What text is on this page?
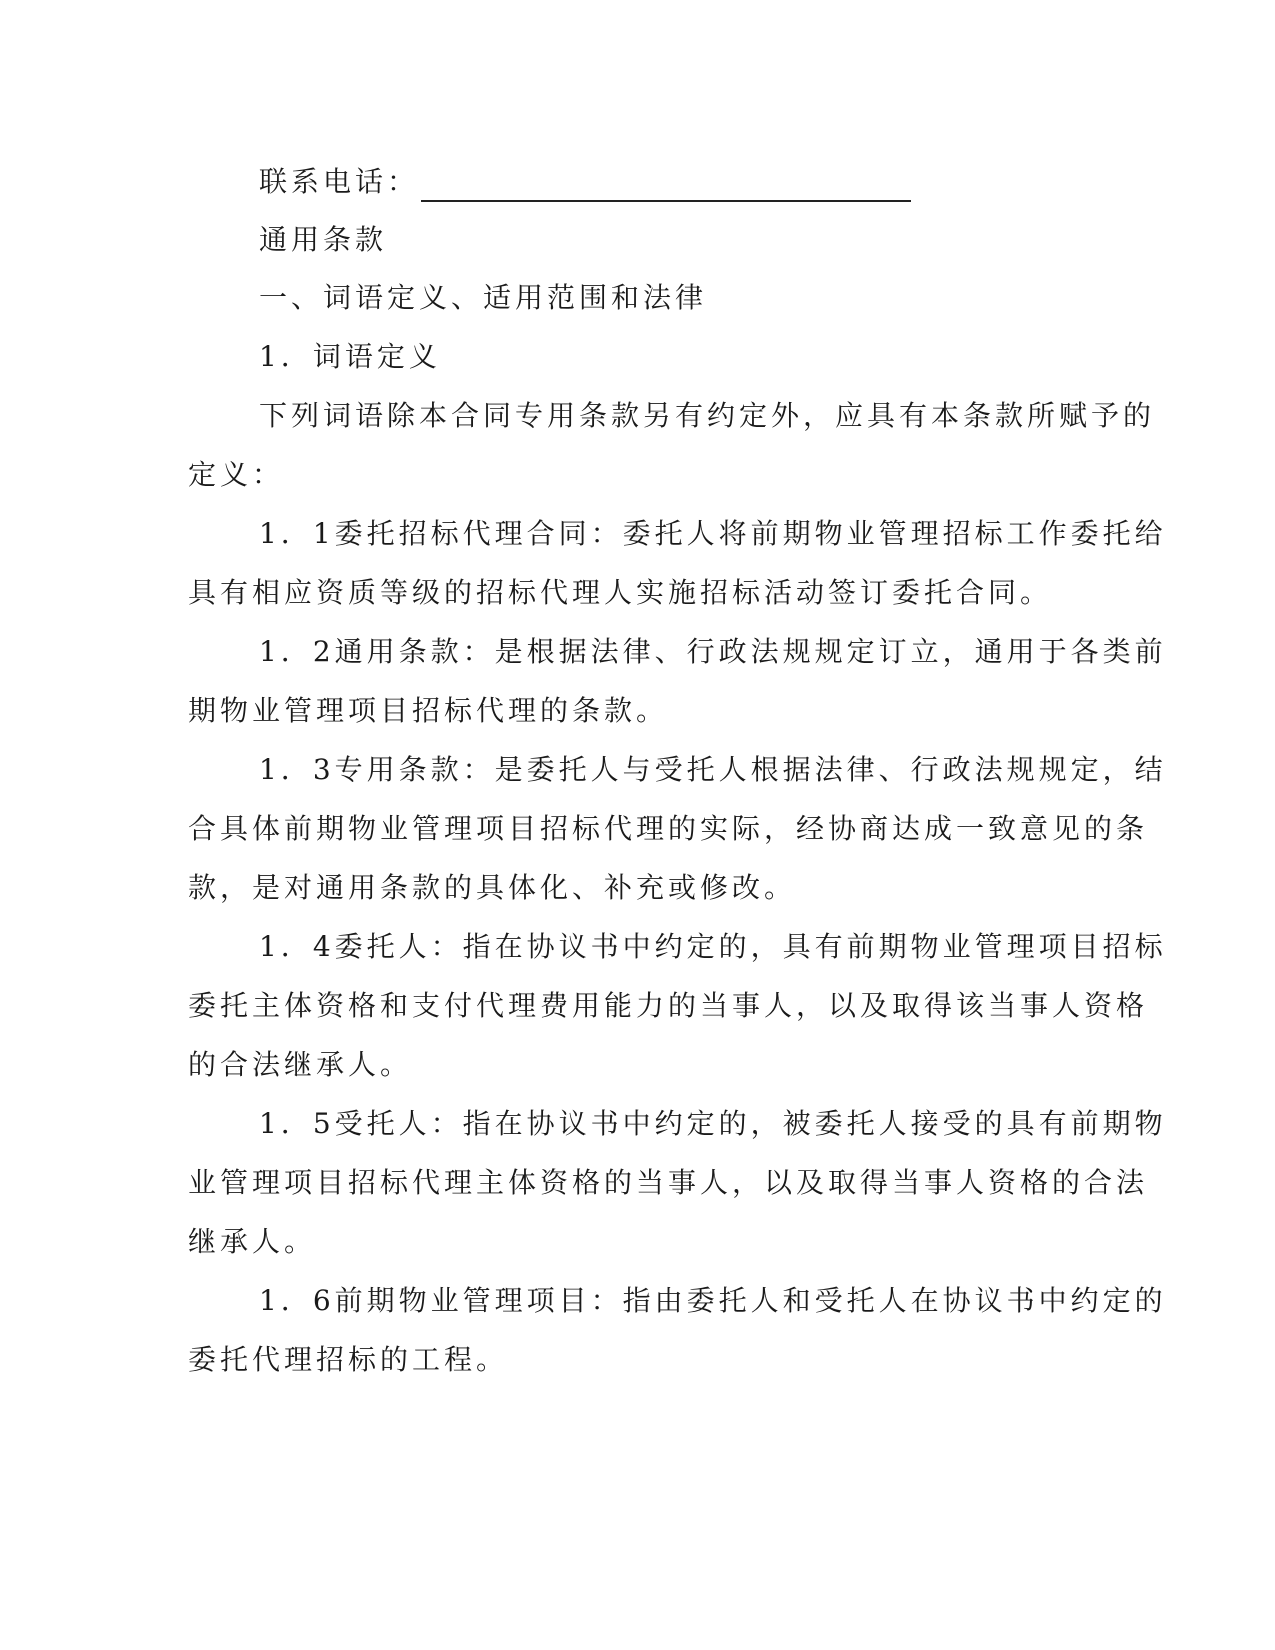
联系电话：
通用条款
一、词语定义、适用范围和法律
1．词语定义
下列词语除本合同专用条款另有约定外，应具有本条款所赋予的
定义：
1．1委托招标代理合同：委托人将前期物业管理招标工作委托给
具有相应资质等级的招标代理人实施招标活动签订委托合同。
1．2通用条款：是根据法律、行政法规规定订立，通用于各类前
期物业管理项目招标代理的条款。
1．3专用条款：是委托人与受托人根据法律、行政法规规定，结
合具体前期物业管理项目招标代理的实际，经协商达成一致意见的条
款，是对通用条款的具体化、补充或修改。
1．4委托人：指在协议书中约定的，具有前期物业管理项目招标
委托主体资格和支付代理费用能力的当事人，以及取得该当事人资格
的合法继承人。
1．5受托人：指在协议书中约定的，被委托人接受的具有前期物
业管理项目招标代理主体资格的当事人，以及取得当事人资格的合法
继承人。
1．6前期物业管理项目：指由委托人和受托人在协议书中约定的
委托代理招标的工程。
